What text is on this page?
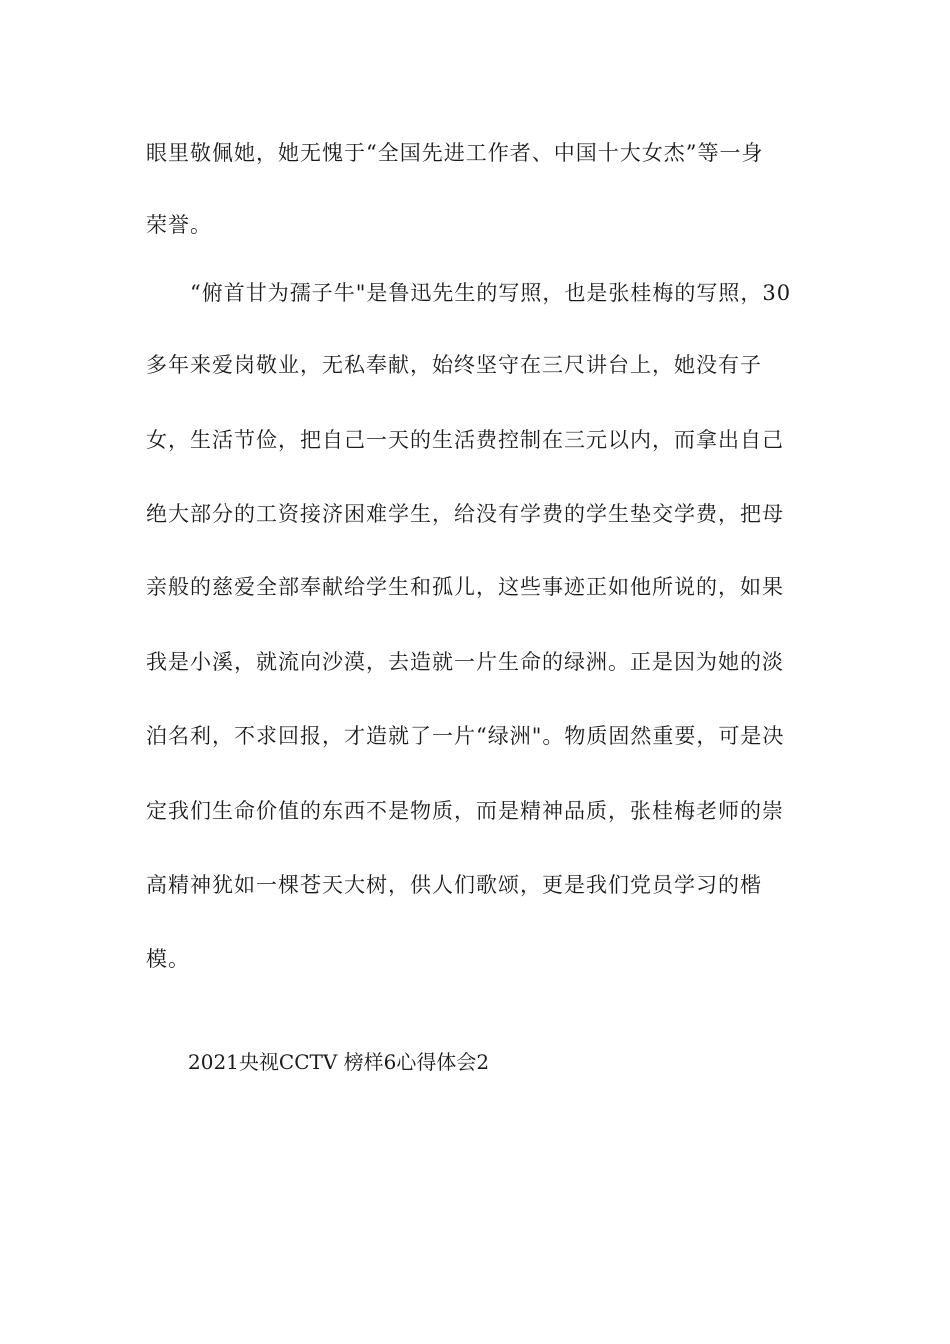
眼里敬佩她，她无愧于“全国先进工作者、中国十大女杰”等一身
荣誉。
　　“俯首甘为孺子牛"是鲁迅先生的写照，也是张桂梅的写照，30
多年来爱岗敬业，无私奉献，始终坚守在三尺讲台上，她没有子
女，生活节俭，把自己一天的生活费控制在三元以内，而拿出自己
绝大部分的工资接济困难学生，给没有学费的学生垫交学费，把母
亲般的慈爱全部奉献给学生和孤儿，这些事迹正如他所说的，如果
我是小溪，就流向沙漠，去造就一片生命的绿洲。正是因为她的淡
泊名利，不求回报，才造就了一片“绿洲"。物质固然重要，可是决
定我们生命价值的东西不是物质，而是精神品质，张桂梅老师的崇
高精神犹如一棵苍天大树，供人们歌颂，更是我们党员学习的楷
模。
2021央视CCTV 榜样6心得体会2
